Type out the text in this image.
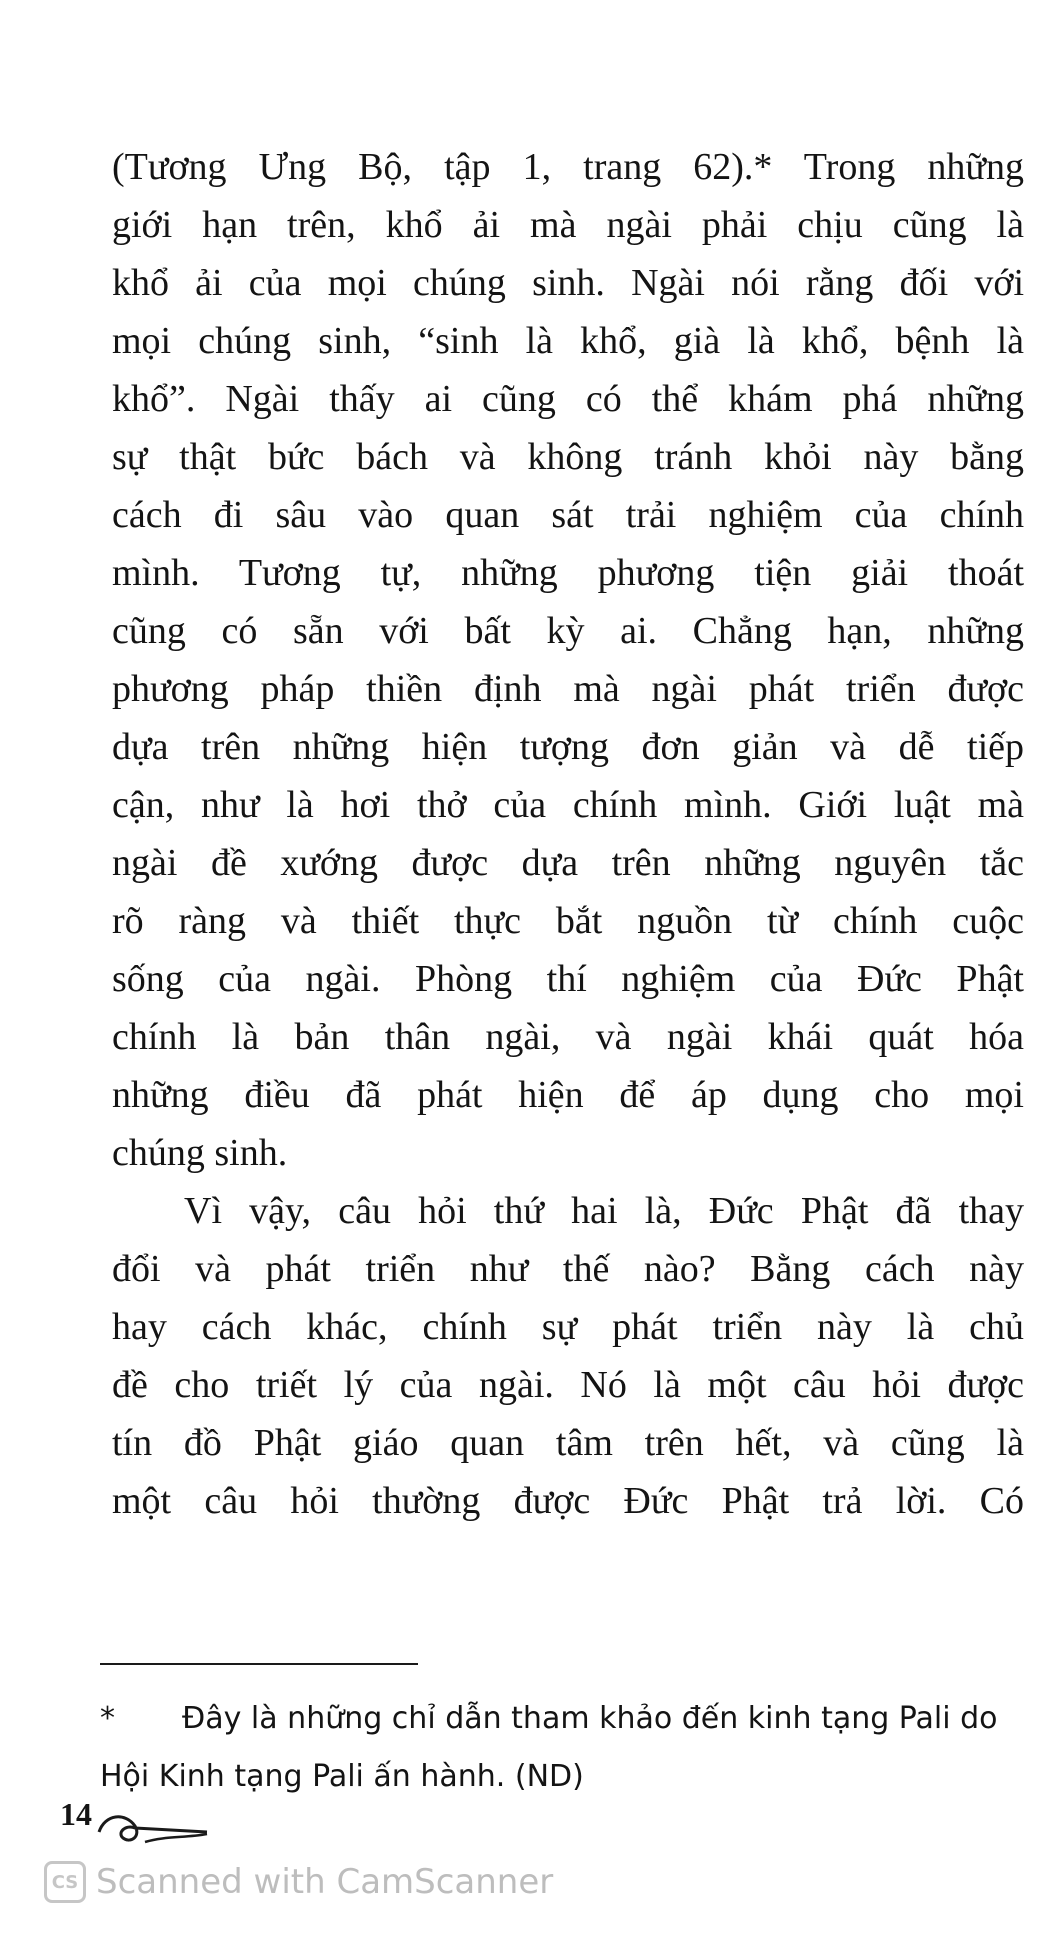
(Tương Ưng Bộ, tập 1, trang 62).* Trong những
giới hạn trên, khổ ải mà ngài phải chịu cũng là
khổ ải của mọi chúng sinh. Ngài nói rằng đối với
mọi chúng sinh, “sinh là khổ, già là khổ, bệnh là
khổ”. Ngài thấy ai cũng có thể khám phá những
sự thật bức bách và không tránh khỏi này bằng
cách đi sâu vào quan sát trải nghiệm của chính
mình. Tương tự, những phương tiện giải thoát
cũng có sẵn với bất kỳ ai. Chẳng hạn, những
phương pháp thiền định mà ngài phát triển được
dựa trên những hiện tượng đơn giản và dễ tiếp
cận, như là hơi thở của chính mình. Giới luật mà
ngài đề xướng được dựa trên những nguyên tắc
rõ ràng và thiết thực bắt nguồn từ chính cuộc
sống của ngài. Phòng thí nghiệm của Đức Phật
chính là bản thân ngài, và ngài khái quát hóa
những điều đã phát hiện để áp dụng cho mọi
chúng sinh.
Vì vậy, câu hỏi thứ hai là, Đức Phật đã thay
đổi và phát triển như thế nào? Bằng cách này
hay cách khác, chính sự phát triển này là chủ
đề cho triết lý của ngài. Nó là một câu hỏi được
tín đồ Phật giáo quan tâm trên hết, và cũng là
một câu hỏi thường được Đức Phật trả lời. Có
* Đây là những chỉ dẫn tham khảo đến kinh tạng Pali do
Hội Kinh tạng Pali ấn hành. (ND)
14
CS Scanned with CamScanner
